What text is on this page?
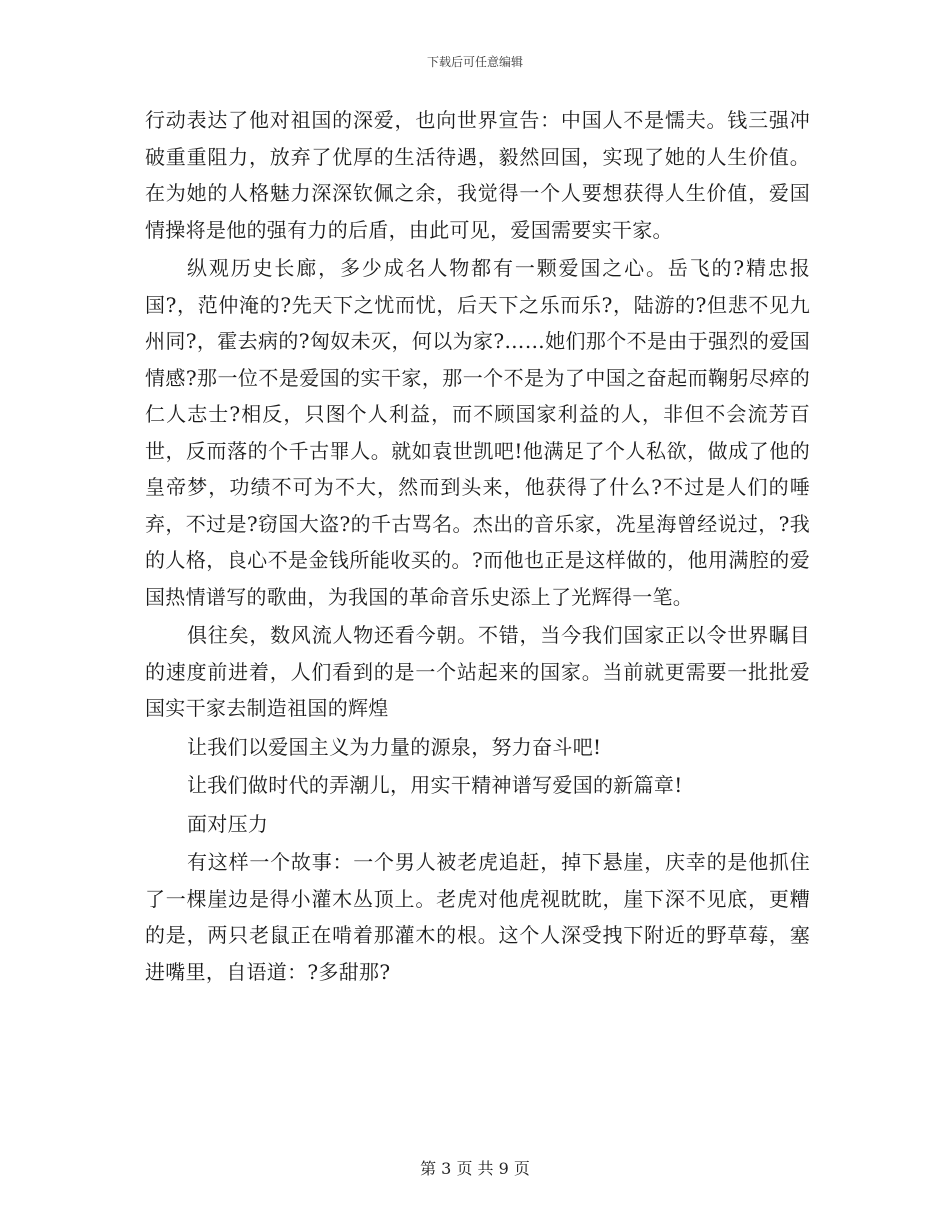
下载后可任意编辑

行动表达了他对祖国的深爱，也向世界宣告：中国人不是懦夫。钱三强冲破重重阻力，放弃了优厚的生活待遇，毅然回国，实现了她的人生价值。在为她的人格魅力深深钦佩之余，我觉得一个人要想获得人生价值，爱国情操将是他的强有力的后盾，由此可见，爱国需要实干家。

纵观历史长廊，多少成名人物都有一颗爱国之心。岳飞的?精忠报国?，范仲淹的?先天下之忧而忧，后天下之乐而乐?，陆游的?但悲不见九州同?，霍去病的?匈奴未灭，何以为家?……她们那个不是由于强烈的爱国情感?那一位不是爱国的实干家，那一个不是为了中国之奋起而鞠躬尽瘁的仁人志士?相反，只图个人利益，而不顾国家利益的人，非但不会流芳百世，反而落的个千古罪人。就如袁世凯吧!他满足了个人私欲，做成了他的皇帝梦，功绩不可为不大，然而到头来，他获得了什么?不过是人们的唾弃，不过是?窃国大盗?的千古骂名。杰出的音乐家，冼星海曾经说过，?我的人格，良心不是金钱所能收买的。?而他也正是这样做的，他用满腔的爱国热情谱写的歌曲，为我国的革命音乐史添上了光辉得一笔。

俱往矣，数风流人物还看今朝。不错，当今我们国家正以令世界瞩目的速度前进着，人们看到的是一个站起来的国家。当前就更需要一批批爱国实干家去制造祖国的辉煌

让我们以爱国主义为力量的源泉，努力奋斗吧!

让我们做时代的弄潮儿，用实干精神谱写爱国的新篇章!

面对压力

有这样一个故事：一个男人被老虎追赶，掉下悬崖，庆幸的是他抓住了一棵崖边是得小灌木丛顶上。老虎对他虎视眈眈，崖下深不见底，更糟的是，两只老鼠正在啃着那灌木的根。这个人深受拽下附近的野草莓，塞进嘴里，自语道：?多甜那?

第 3 页 共 9 页
